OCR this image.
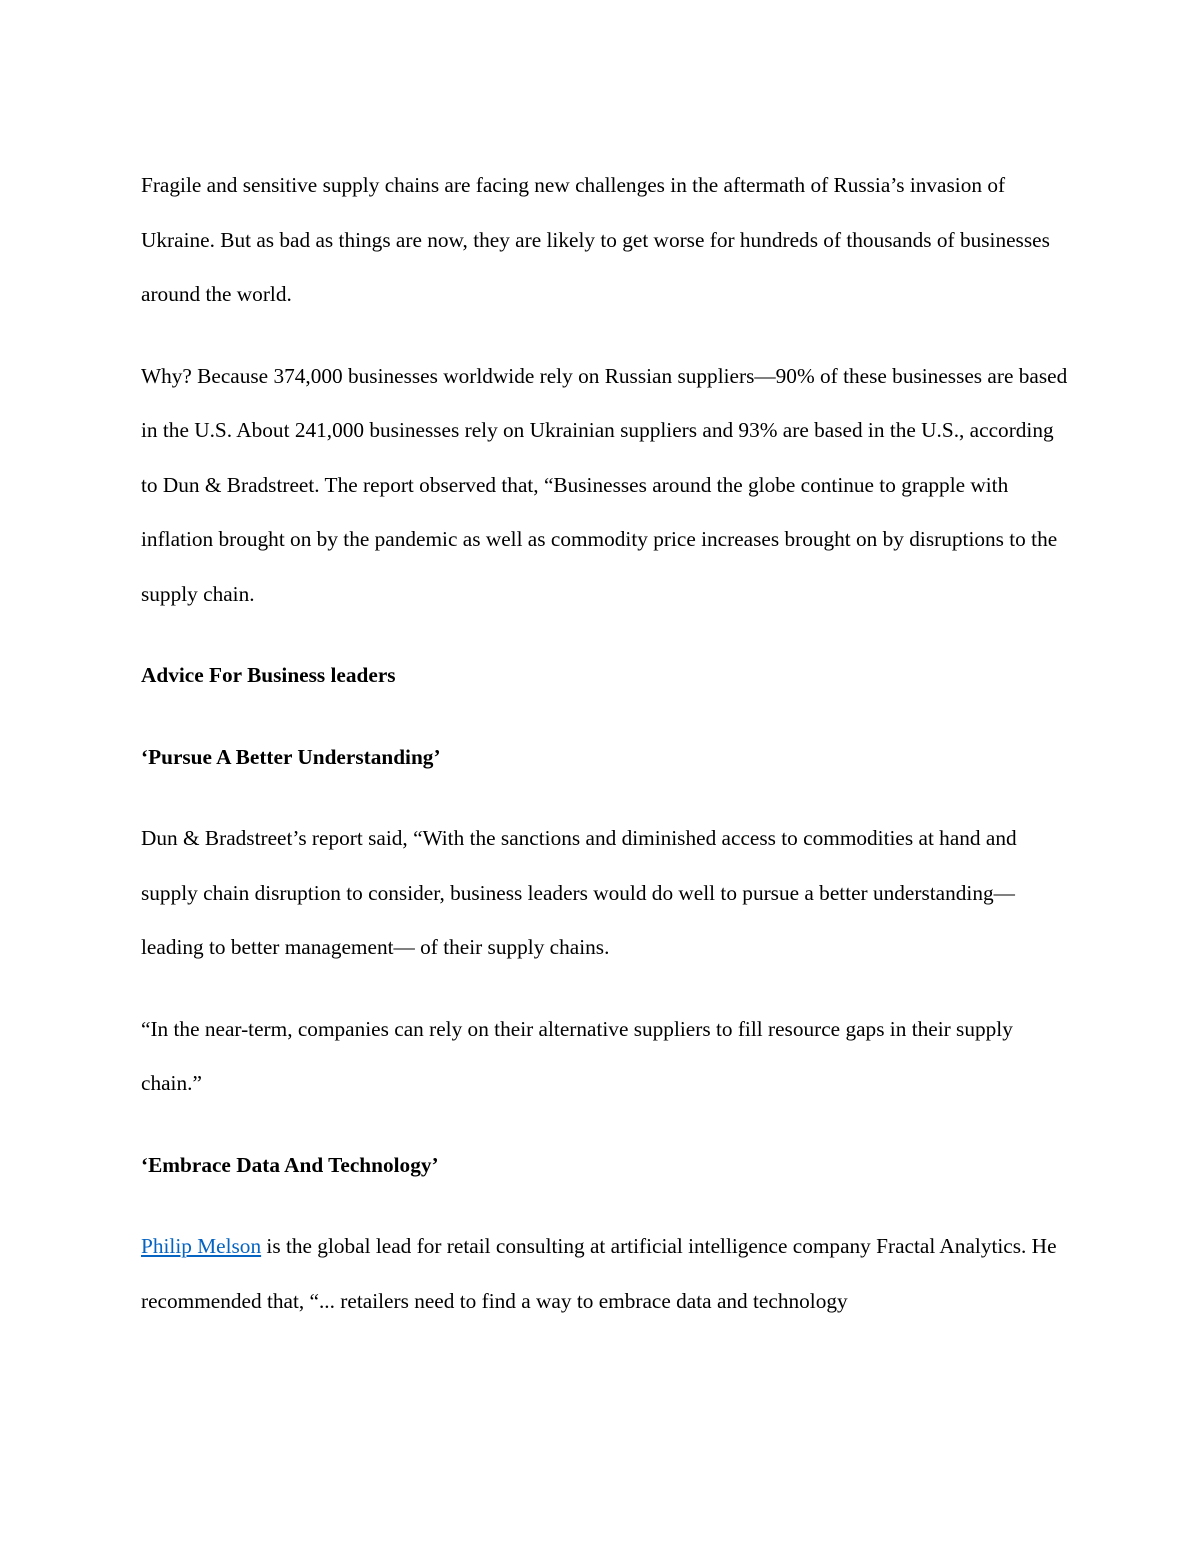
Fragile and sensitive supply chains are facing new challenges in the aftermath of Russia’s invasion of Ukraine. But as bad as things are now, they are likely to get worse for hundreds of thousands of businesses around the world.

Why? Because 374,000 businesses worldwide rely on Russian suppliers—90% of these businesses are based in the U.S. About 241,000 businesses rely on Ukrainian suppliers and 93% are based in the U.S., according to Dun & Bradstreet. The report observed that, “Businesses around the globe continue to grapple with inflation brought on by the pandemic as well as commodity price increases brought on by disruptions to the supply chain.

Advice For Business leaders

‘Pursue A Better Understanding’

Dun & Bradstreet’s report said, “With the sanctions and diminished access to commodities at hand and supply chain disruption to consider, business leaders would do well to pursue a better understanding—leading to better management— of their supply chains.

“In the near-term, companies can rely on their alternative suppliers to fill resource gaps in their supply chain.”

‘Embrace Data And Technology’

Philip Melson is the global lead for retail consulting at artificial intelligence company Fractal Analytics. He recommended that, “... retailers need to find a way to embrace data and technology
